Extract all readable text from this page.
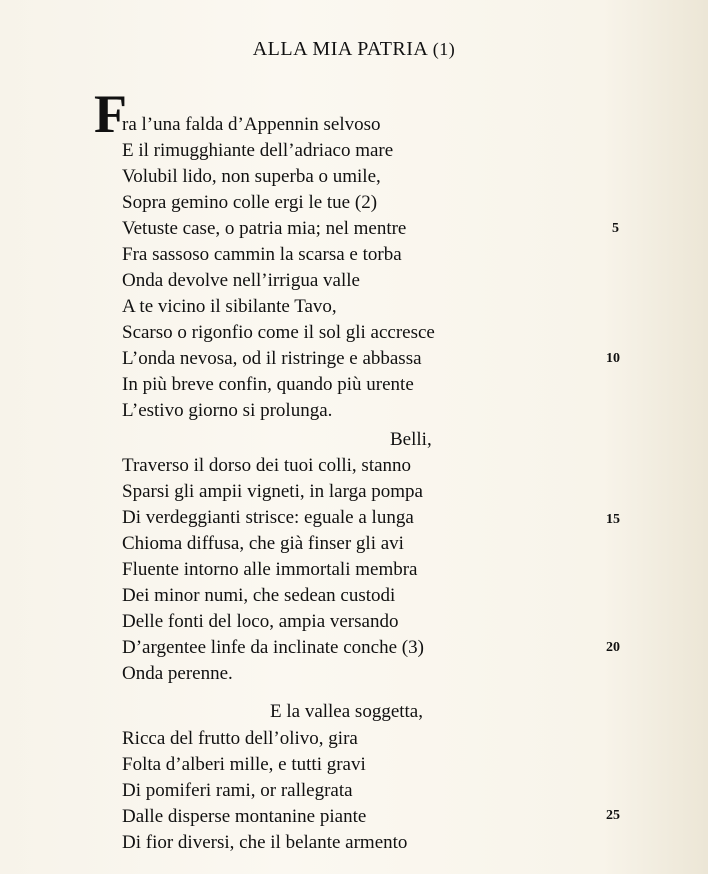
ALLA MIA PATRIA (1)
F
ra l’una falda d’Appennin selvoso
E il rimugghiante dell’adriaco mare
Volubil lido, non superba o umile,
Sopra gemino colle ergi le tue (2)
Vetuste case, o patria mia; nel mentre
Fra sassoso cammin la scarsa e torba
Onda devolve nell’irrigua valle
A te vicino il sibilante Tavo,
Scarso o rigonfio come il sol gli accresce
L’onda nevosa, od il ristringe e abbassa
In più breve confin, quando più urente
L’estivo giorno si prolunga.
Belli,
Traverso il dorso dei tuoi colli, stanno
Sparsi gli ampii vigneti, in larga pompa
Di verdeggianti strisce: eguale a lunga
Chioma diffusa, che già finser gli avi
Fluente intorno alle immortali membra
Dei minor numi, che sedean custodi
Delle fonti del loco, ampia versando
D’argentee linfe da inclinate conche (3)
Onda perenne.
E la vallea soggetta,
Ricca del frutto dell’olivo, gira
Folta d’alberi mille, e tutti gravi
Di pomiferi rami, or rallegrata
Dalle disperse montanine piante
Di fior diversi, che il belante armento
5
10
15
20
25
